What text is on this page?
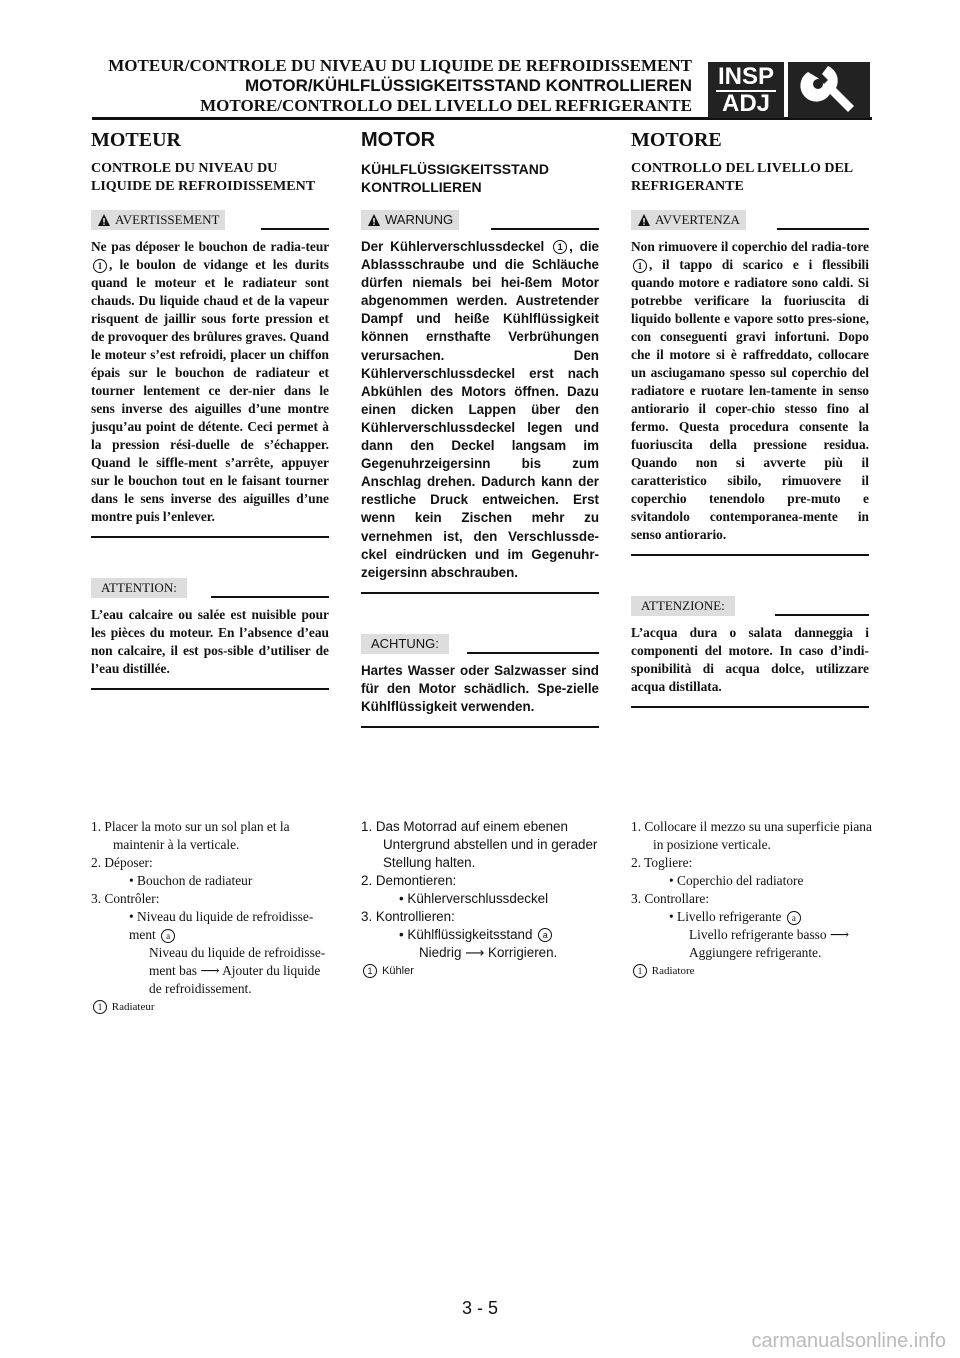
MOTEUR/CONTROLE DU NIVEAU DU LIQUIDE DE REFROIDISSEMENT
MOTOR/KÜHLFLÜSSIGKEITSSTAND KONTROLLIEREN
MOTORE/CONTROLLO DEL LIVELLO DEL REFRIGERANTE
INSP
ADJ
MOTEUR
CONTROLE DU NIVEAU DU LIQUIDE DE REFROIDISSEMENT
AVERTISSEMENT
Ne pas déposer le bouchon de radia-teur 1 , le boulon de vidange et les durits quand le moteur et le radiateur sont chauds. Du liquide chaud et de la vapeur risquent de jaillir sous forte pression et de provoquer des brûlures graves. Quand le moteur s’est refroidi, placer un chiffon épais sur le bouchon de radiateur et tourner lentement ce der-nier dans le sens inverse des aiguilles d’une montre jusqu’au point de détente. Ceci permet à la pression rési-duelle de s’échapper. Quand le siffle-ment s’arrête, appuyer sur le bouchon tout en le faisant tourner dans le sens inverse des aiguilles d’une montre puis l’enlever.
ATTENTION:
L’eau calcaire ou salée est nuisible pour les pièces du moteur. En l’absence d’eau non calcaire, il est pos-sible d’utiliser de l’eau distillée.
MOTOR
KÜHLFLÜSSIGKEITSSTAND KONTROLLIEREN
WARNUNG
Der Kühlerverschlussdeckel 1 , die Ablassschraube und die Schläuche dürfen niemals bei hei-ßem Motor abgenommen werden. Austretender Dampf und heiße Kühlflüssigkeit können ernsthafte Verbrühungen verursachen. Den Kühlerverschlussdeckel erst nach Abkühlen des Motors öffnen. Dazu einen dicken Lappen über den Kühlerverschlussdeckel legen und dann den Deckel langsam im Gegenuhrzeigersinn bis zum Anschlag drehen. Dadurch kann der restliche Druck entweichen. Erst wenn kein Zischen mehr zu vernehmen ist, den Verschlussde-ckel eindrücken und im Gegenuhr-zeigersinn abschrauben.
ACHTUNG:
Hartes Wasser oder Salzwasser sind für den Motor schädlich. Spe-zielle Kühlflüssigkeit verwenden.
MOTORE
CONTROLLO DEL LIVELLO DEL REFRIGERANTE
AVVERTENZA
Non rimuovere il coperchio del radia-tore 1 , il tappo di scarico e i flessibili quando motore e radiatore sono caldi. Si potrebbe verificare la fuoriuscita di liquido bollente e vapore sotto pres-sione, con conseguenti gravi infortuni. Dopo che il motore si è raffreddato, collocare un asciugamano spesso sul coperchio del radiatore e ruotare len-tamente in senso antiorario il coper-chio stesso fino al fermo. Questa procedura consente la fuoriuscita della pressione residua. Quando non si avverte più il caratteristico sibilo, rimuovere il coperchio tenendolo pre-muto e svitandolo contemporanea-mente in senso antiorario.
ATTENZIONE:
L’acqua dura o salata danneggia i componenti del motore. In caso d’indi-sponibilità di acqua dolce, utilizzare acqua distillata.

1. Placer la moto sur un sol plan et la maintenir à la verticale.

2. Déposer:

• Bouchon de radiateur

3. Contrôler:

• Niveau du liquide de refroidisse-ment a

Niveau du liquide de refroidisse-ment bas ⟶ Ajouter du liquide de refroidissement.

1 Radiateur

1. Das Motorrad auf einem ebenen Untergrund abstellen und in gerader Stellung halten.

2. Demontieren:

• Kühlerverschlussdeckel

3. Kontrollieren:

• Kühlflüssigkeitsstand a

Niedrig ⟶ Korrigieren.

1 Kühler

1. Collocare il mezzo su una superficie piana in posizione verticale.

2. Togliere:

• Coperchio del radiatore

3. Controllare:

• Livello refrigerante a

Livello refrigerante basso ⟶ Aggiungere refrigerante.

1 Radiatore

3 - 5
carmanualsonline.info
